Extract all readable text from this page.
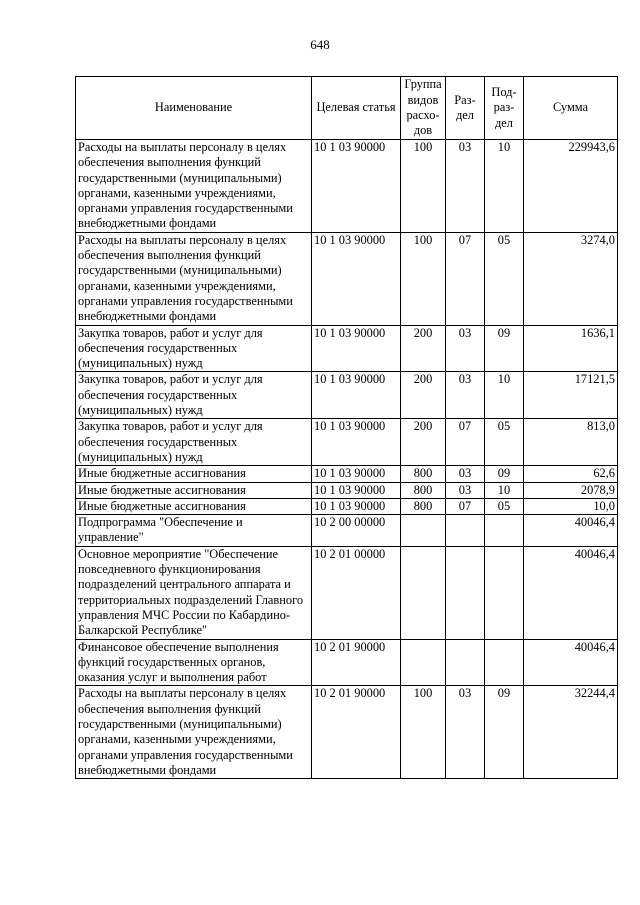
648
Наименование	Целевая статья	Группа видов расхо-дов	Раз-дел	Под-раз-дел	Сумма
Расходы на выплаты персоналу в целях обеспечения выполнения функций государственными (муниципальными) органами, казенными учреждениями, органами управления государственными внебюджетными фондами	10 1 03 90000	100	03	10	229943,6
Расходы на выплаты персоналу в целях обеспечения выполнения функций государственными (муниципальными) органами, казенными учреждениями, органами управления государственными внебюджетными фондами	10 1 03 90000	100	07	05	3274,0
Закупка товаров, работ и услуг для обеспечения государственных (муниципальных) нужд	10 1 03 90000	200	03	09	1636,1
Закупка товаров, работ и услуг для обеспечения государственных (муниципальных) нужд	10 1 03 90000	200	03	10	17121,5
Закупка товаров, работ и услуг для обеспечения государственных (муниципальных) нужд	10 1 03 90000	200	07	05	813,0
Иные бюджетные ассигнования	10 1 03 90000	800	03	09	62,6
Иные бюджетные ассигнования	10 1 03 90000	800	03	10	2078,9
Иные бюджетные ассигнования	10 1 03 90000	800	07	05	10,0
Подпрограмма "Обеспечение и управление"	10 2 00 00000				40046,4
Основное мероприятие "Обеспечение повседневного функционирования подразделений центрального аппарата и территориальных подразделений Главного управления МЧС России по Кабардино-Балкарской Республике"	10 2 01 00000				40046,4
Финансовое обеспечение выполнения функций государственных органов, оказания услуг и выполнения работ	10 2 01 90000				40046,4
Расходы на выплаты персоналу в целях обеспечения выполнения функций государственными (муниципальными) органами, казенными учреждениями, органами управления государственными внебюджетными фондами	10 2 01 90000	100	03	09	32244,4
